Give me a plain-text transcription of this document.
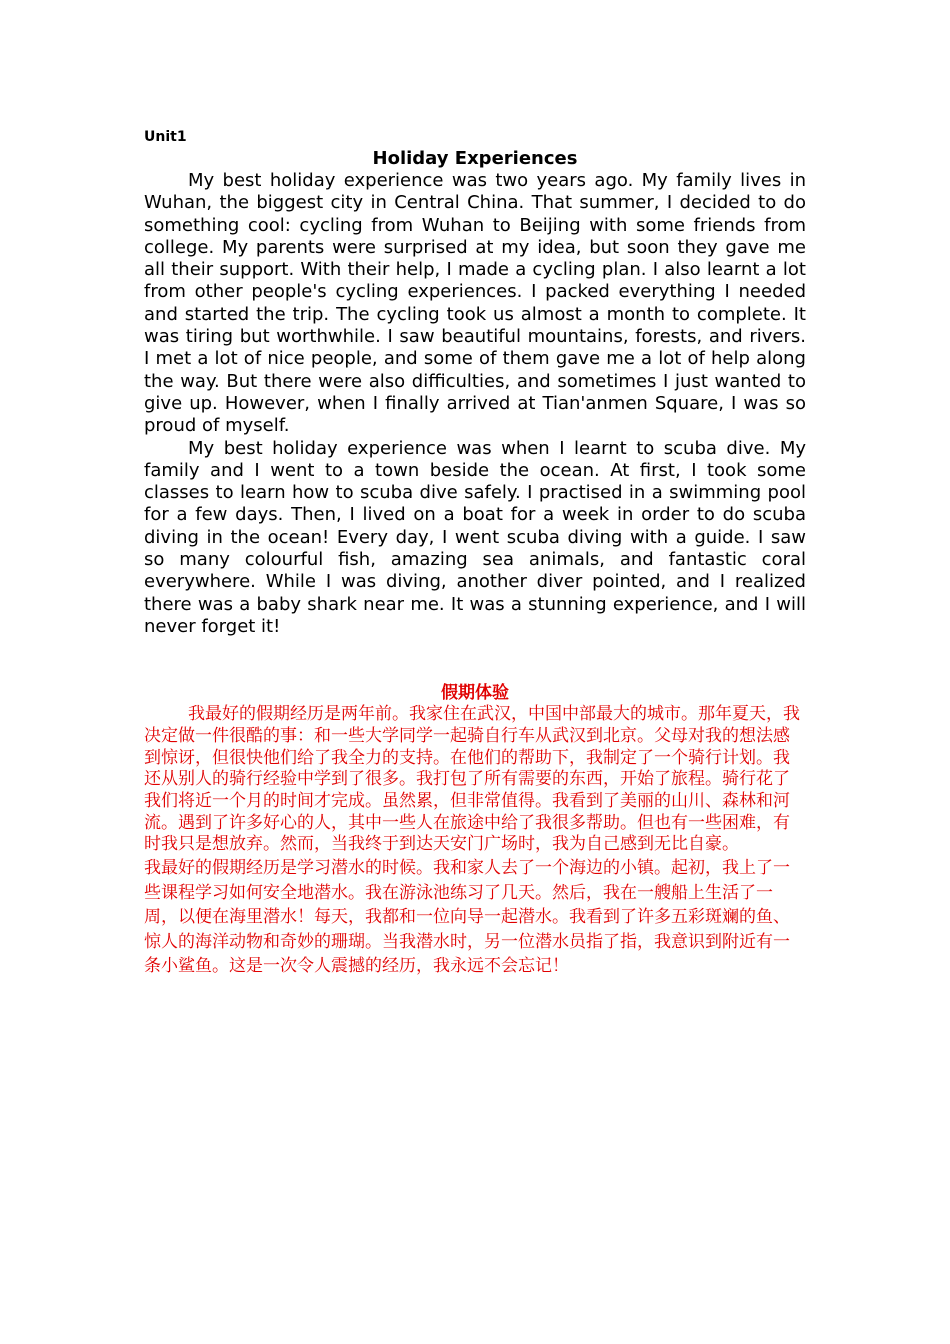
Unit1

Holiday Experiences

My best holiday experience was two years ago. My family lives in Wuhan, the biggest city in Central China. That summer, I decided to do something cool: cycling from Wuhan to Beijing with some friends from college. My parents were surprised at my idea, but soon they gave me all their support. With their help, I made a cycling plan. I also learnt a lot from other people's cycling experiences. I packed everything I needed and started the trip. The cycling took us almost a month to complete. It was tiring but worthwhile. I saw beautiful mountains, forests, and rivers. I met a lot of nice people, and some of them gave me a lot of help along the way. But there were also difficulties, and sometimes I just wanted to give up. However, when I finally arrived at Tian'anmen Square, I was so proud of myself.

My best holiday experience was when I learnt to scuba dive. My family and I went to a town beside the ocean. At first, I took some classes to learn how to scuba dive safely. I practised in a swimming pool for a few days. Then, I lived on a boat for a week in order to do scuba diving in the ocean! Every day, I went scuba diving with a guide. I saw so many colourful fish, amazing sea animals, and fantastic coral everywhere. While I was diving, another diver pointed, and I realized there was a baby shark near me. It was a stunning experience, and I will never forget it!

假期体验

我最好的假期经历是两年前。我家住在武汉，中国中部最大的城市。那年夏天，我决定做一件很酷的事：和一些大学同学一起骑自行车从武汉到北京。父母对我的想法感到惊讶，但很快他们给了我全力的支持。在他们的帮助下，我制定了一个骑行计划。我还从别人的骑行经验中学到了很多。我打包了所有需要的东西，开始了旅程。骑行花了我们将近一个月的时间才完成。虽然累，但非常值得。我看到了美丽的山川、森林和河流。遇到了许多好心的人，其中一些人在旅途中给了我很多帮助。但也有一些困难，有时我只是想放弃。然而，当我终于到达天安门广场时，我为自己感到无比自豪。

我最好的假期经历是学习潜水的时候。我和家人去了一个海边的小镇。起初，我上了一些课程学习如何安全地潜水。我在游泳池练习了几天。然后，我在一艘船上生活了一周，以便在海里潜水！每天，我都和一位向导一起潜水。我看到了许多五彩斑斓的鱼、惊人的海洋动物和奇妙的珊瑚。当我潜水时，另一位潜水员指了指，我意识到附近有一条小鲨鱼。这是一次令人震撼的经历，我永远不会忘记！
